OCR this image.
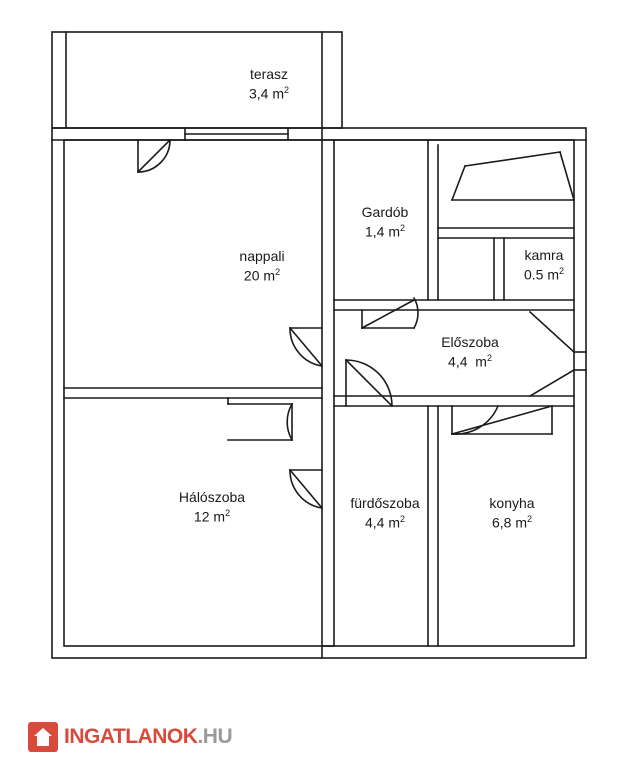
terasz
3,4 $m^2$
nappali
20 $m^2$
Gardób
1,4 $m^2$
kamra
0.5 $m^2$
Előszoba
4,4 $m^2$
Hálószoba
12 $m^2$
fürdőszoba
4,4 $m^2$
konyha
6,8 $m^2$
INGATLANOK.HU
